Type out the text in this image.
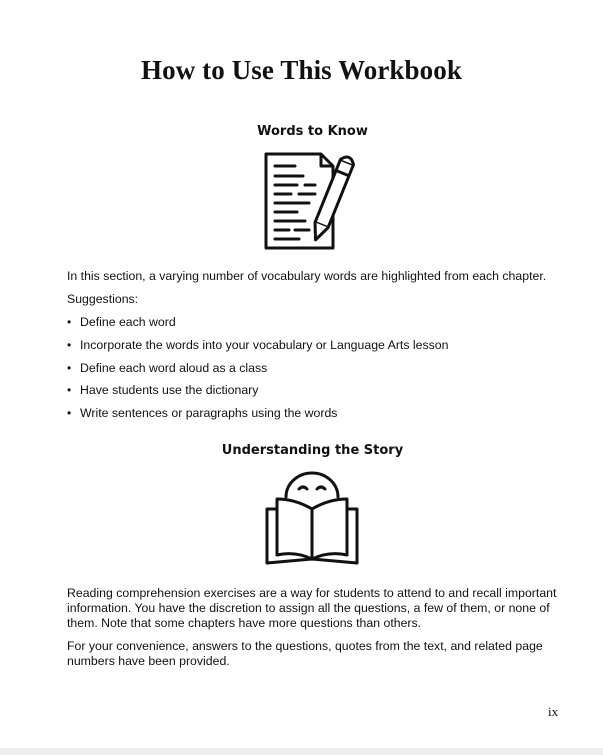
How to Use This Workbook
Words to Know

In this section, a varying number of vocabulary words are highlighted from each chapter.

Suggestions:

• Define each word
• Incorporate the words into your vocabulary or Language Arts lesson
• Define each word aloud as a class
• Have students use the dictionary
• Write sentences or paragraphs using the words
Understanding the Story

Reading comprehension exercises are a way for students to attend to and recall important information. You have the discretion to assign all the questions, a few of them, or none of them. Note that some chapters have more questions than others.

For your convenience, answers to the questions, quotes from the text, and related page numbers have been provided.

ix
